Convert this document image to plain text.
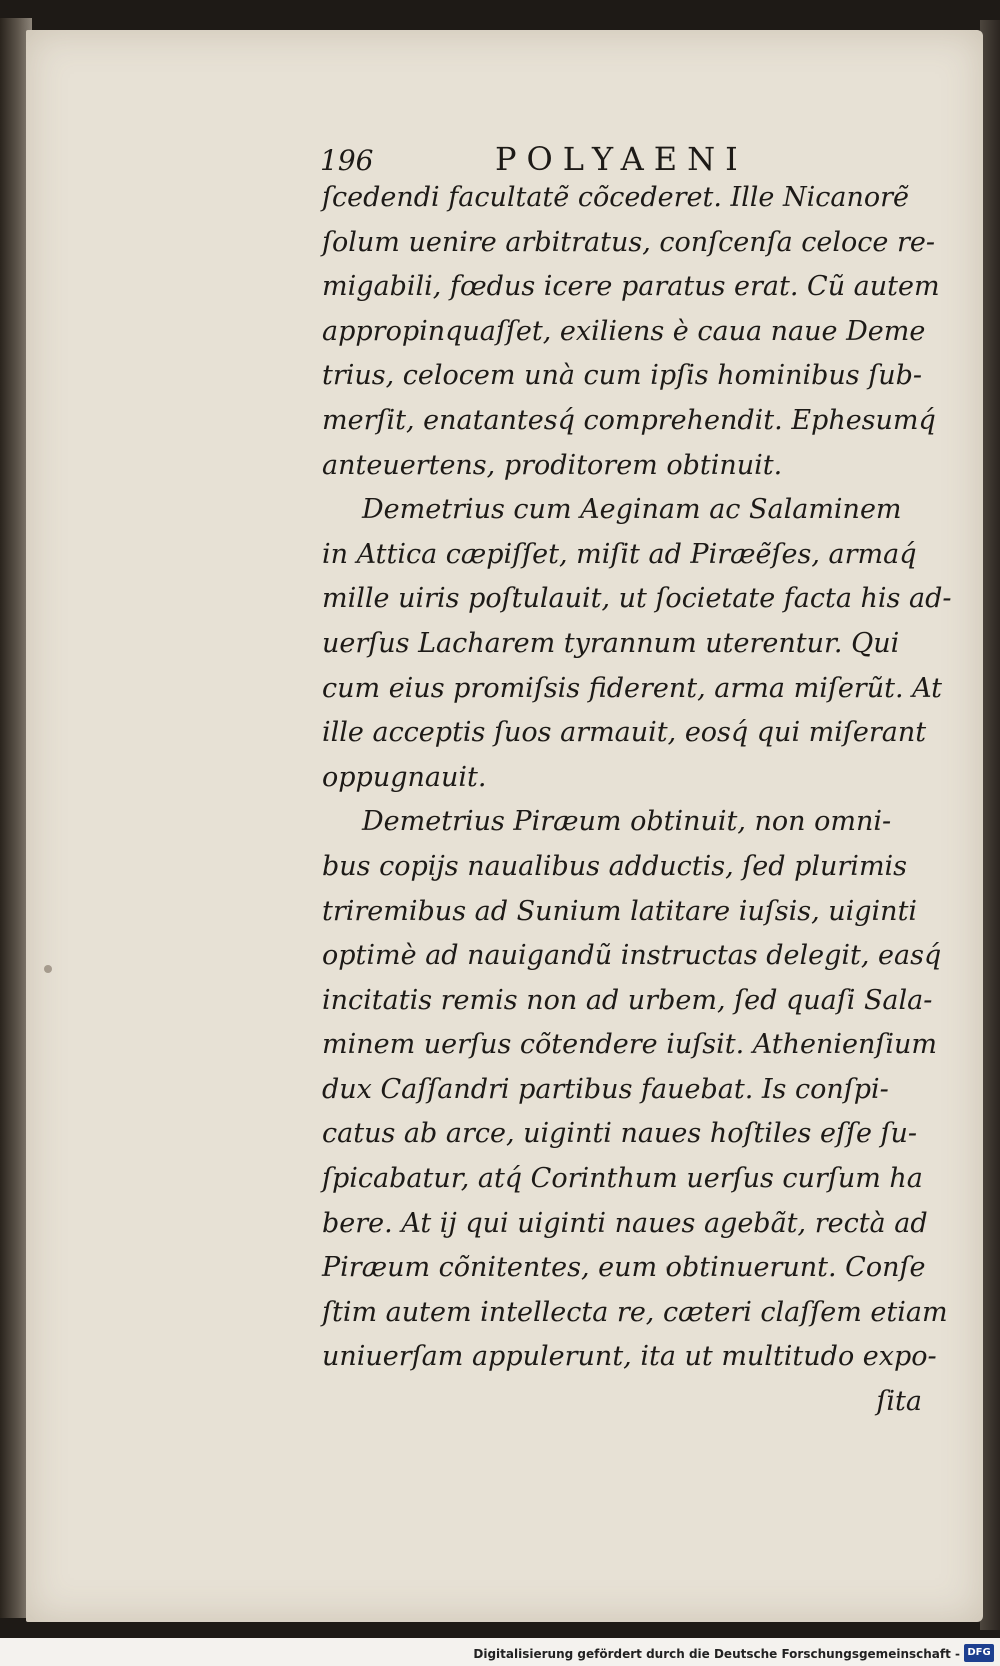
196	POLYAENI
ſcedendi facultatẽ cõcederet. Ille Nicanorẽ
ſolum uenire arbitratus, conſcenſa celoce re-
migabili, fœdus icere paratus erat. Cũ autem
appropinquaſſet, exiliens è caua naue Deme
trius, celocem unà cum ipſis hominibus ſub-
merſit, enatantesq́ comprehendit. Ephesumq́
anteuertens, proditorem obtinuit.
Demetrius cum Aeginam ac Salaminem
in Attica cæpiſſet, miſit ad Piræẽſes, armaq́
mille uiris poſtulauit, ut ſocietate facta his ad-
uerſus Lacharem tyrannum uterentur. Qui
cum eius promiſsis fiderent, arma miſerũt. At
ille acceptis ſuos armauit, eosq́ qui miſerant
oppugnauit.
Demetrius Piræum obtinuit, non omni-
bus copijs naualibus adductis, ſed plurimis
triremibus ad Sunium latitare iuſsis, uiginti
optimè ad nauigandũ instructas delegit, easq́
incitatis remis non ad urbem, ſed quaſi Sala-
minem uerſus cõtendere iuſsit. Athenienſium
dux Caſſandri partibus fauebat. Is conſpi-
catus ab arce, uiginti naues hoſtiles eſſe ſu-
ſpicabatur, atq́ Corinthum uerſus curſum ha
bere. At ij qui uiginti naues agebãt, rectà ad
Piræum cõnitentes, eum obtinuerunt. Conſe
ſtim autem intellecta re, cæteri claſſem etiam
uniuerſam appulerunt, ita ut multitudo expo-
ſita
Digitalisierung gefördert durch die Deutsche Forschungsgemeinschaft - DFG
